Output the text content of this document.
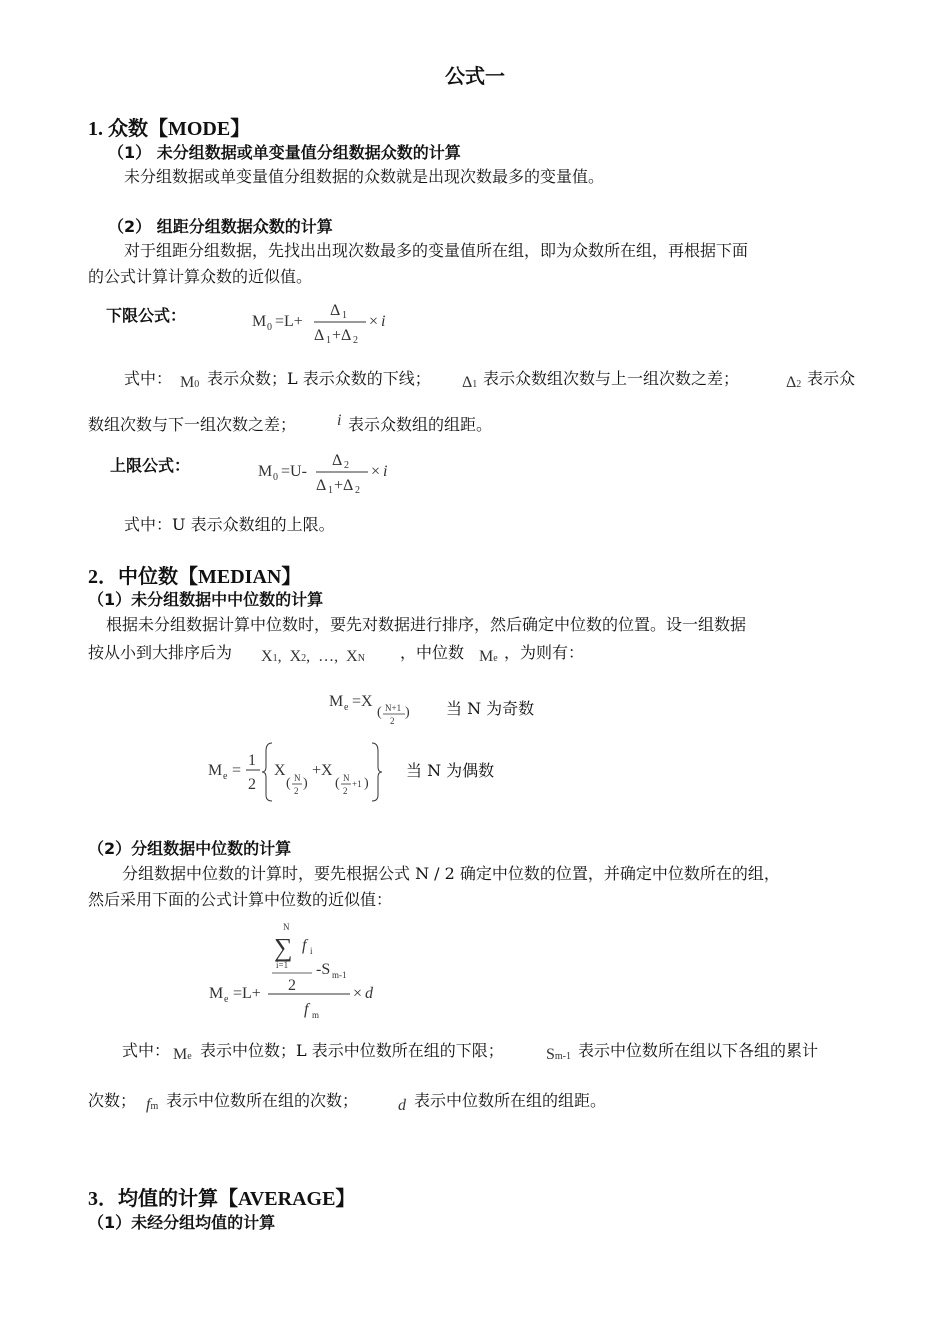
公式一
1. 众数【MODE】
（1） 未分组数据或单变量值分组数据众数的计算
未分组数据或单变量值分组数据的众数就是出现次数最多的变量值。
（2） 组距分组数据众数的计算
对于组距分组数据，先找出出现次数最多的变量值所在组，即为众数所在组，再根据下面
的公式计算计算众数的近似值。
下限公式：	M 0 =L+
Δ 1
Δ 1 +Δ 2
× i
式中： M0 表示众数；L 表示众数的下线； Δ1 表示众数组次数与上一组次数之差；	Δ2 表示众
数组次数与下一组次数之差；	i 表示众数组的组距。
上限公式：	M 0 =U-
Δ 2
Δ 1 +Δ 2
× i
式中：U 表示众数组的上限。
2．中位数【MEDIAN】
（1）未分组数据中中位数的计算
根据未分组数据计算中位数时，要先对数据进行排序，然后确定中位数的位置。设一组数据
按从小到大排序后为 X1,  X2,  …,  XN ，中位数 Me ，为则有：
M e =X
( N+1
2
) 当 N 为奇数
M e =
1
2
X
( N
2 )
+X
( N
2
+1 )
当 N 为偶数
（2）分组数据中位数的计算
分组数据中位数的计算时，要先根据公式 N / 2 确定中位数的位置，并确定中位数所在的组，
然后采用下面的公式计算中位数的近似值：
N
∑ f i
i=1
2
-S m-1
M e =L+
f m
× d
式中： Me 表示中位数；L 表示中位数所在组的下限；	Sm-1 表示中位数所在组以下各组的累计
次数； fm 表示中位数所在组的次数； d 表示中位数所在组的组距。
3．均值的计算【AVERAGE】
（1）未经分组均值的计算
